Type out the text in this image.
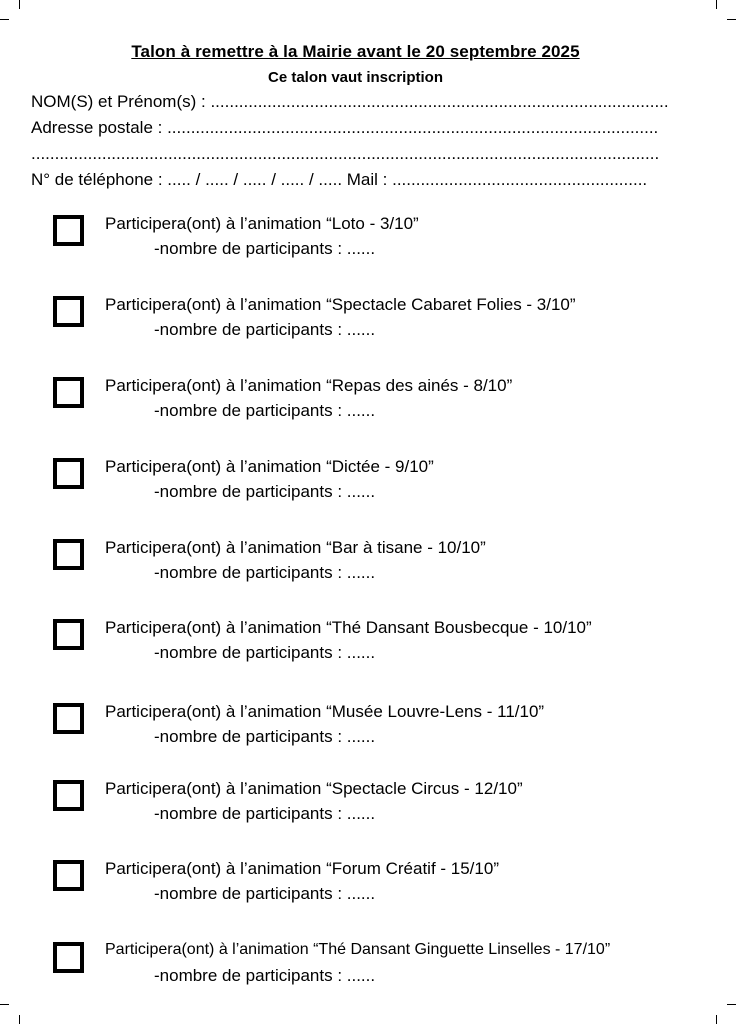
Talon à remettre à la Mairie avant le 20 septembre 2025
Ce talon vaut inscription
NOM(S) et Prénom(s) : .................................................................................................
Adresse postale : ........................................................................................................
.....................................................................................................................................
N° de téléphone : ..... / ..... / ..... / ..... / ..... Mail : ......................................................
Participera(ont) à l’animation “Loto - 3/10”
-nombre de participants : ......
Participera(ont) à l’animation “Spectacle Cabaret Folies - 3/10”
-nombre de participants : ......
Participera(ont) à l’animation “Repas des ainés - 8/10”
-nombre de participants : ......
Participera(ont) à l’animation “Dictée - 9/10”
-nombre de participants : ......
Participera(ont) à l’animation “Bar à tisane - 10/10”
-nombre de participants : ......
Participera(ont) à l’animation “Thé Dansant Bousbecque - 10/10”
-nombre de participants : ......
Participera(ont) à l’animation “Musée Louvre-Lens - 11/10”
-nombre de participants : ......
Participera(ont) à l’animation “Spectacle Circus - 12/10”
-nombre de participants : ......
Participera(ont) à l’animation “Forum Créatif - 15/10”
-nombre de participants : ......
Participera(ont) à l’animation “Thé Dansant Ginguette Linselles - 17/10”
-nombre de participants : ......
